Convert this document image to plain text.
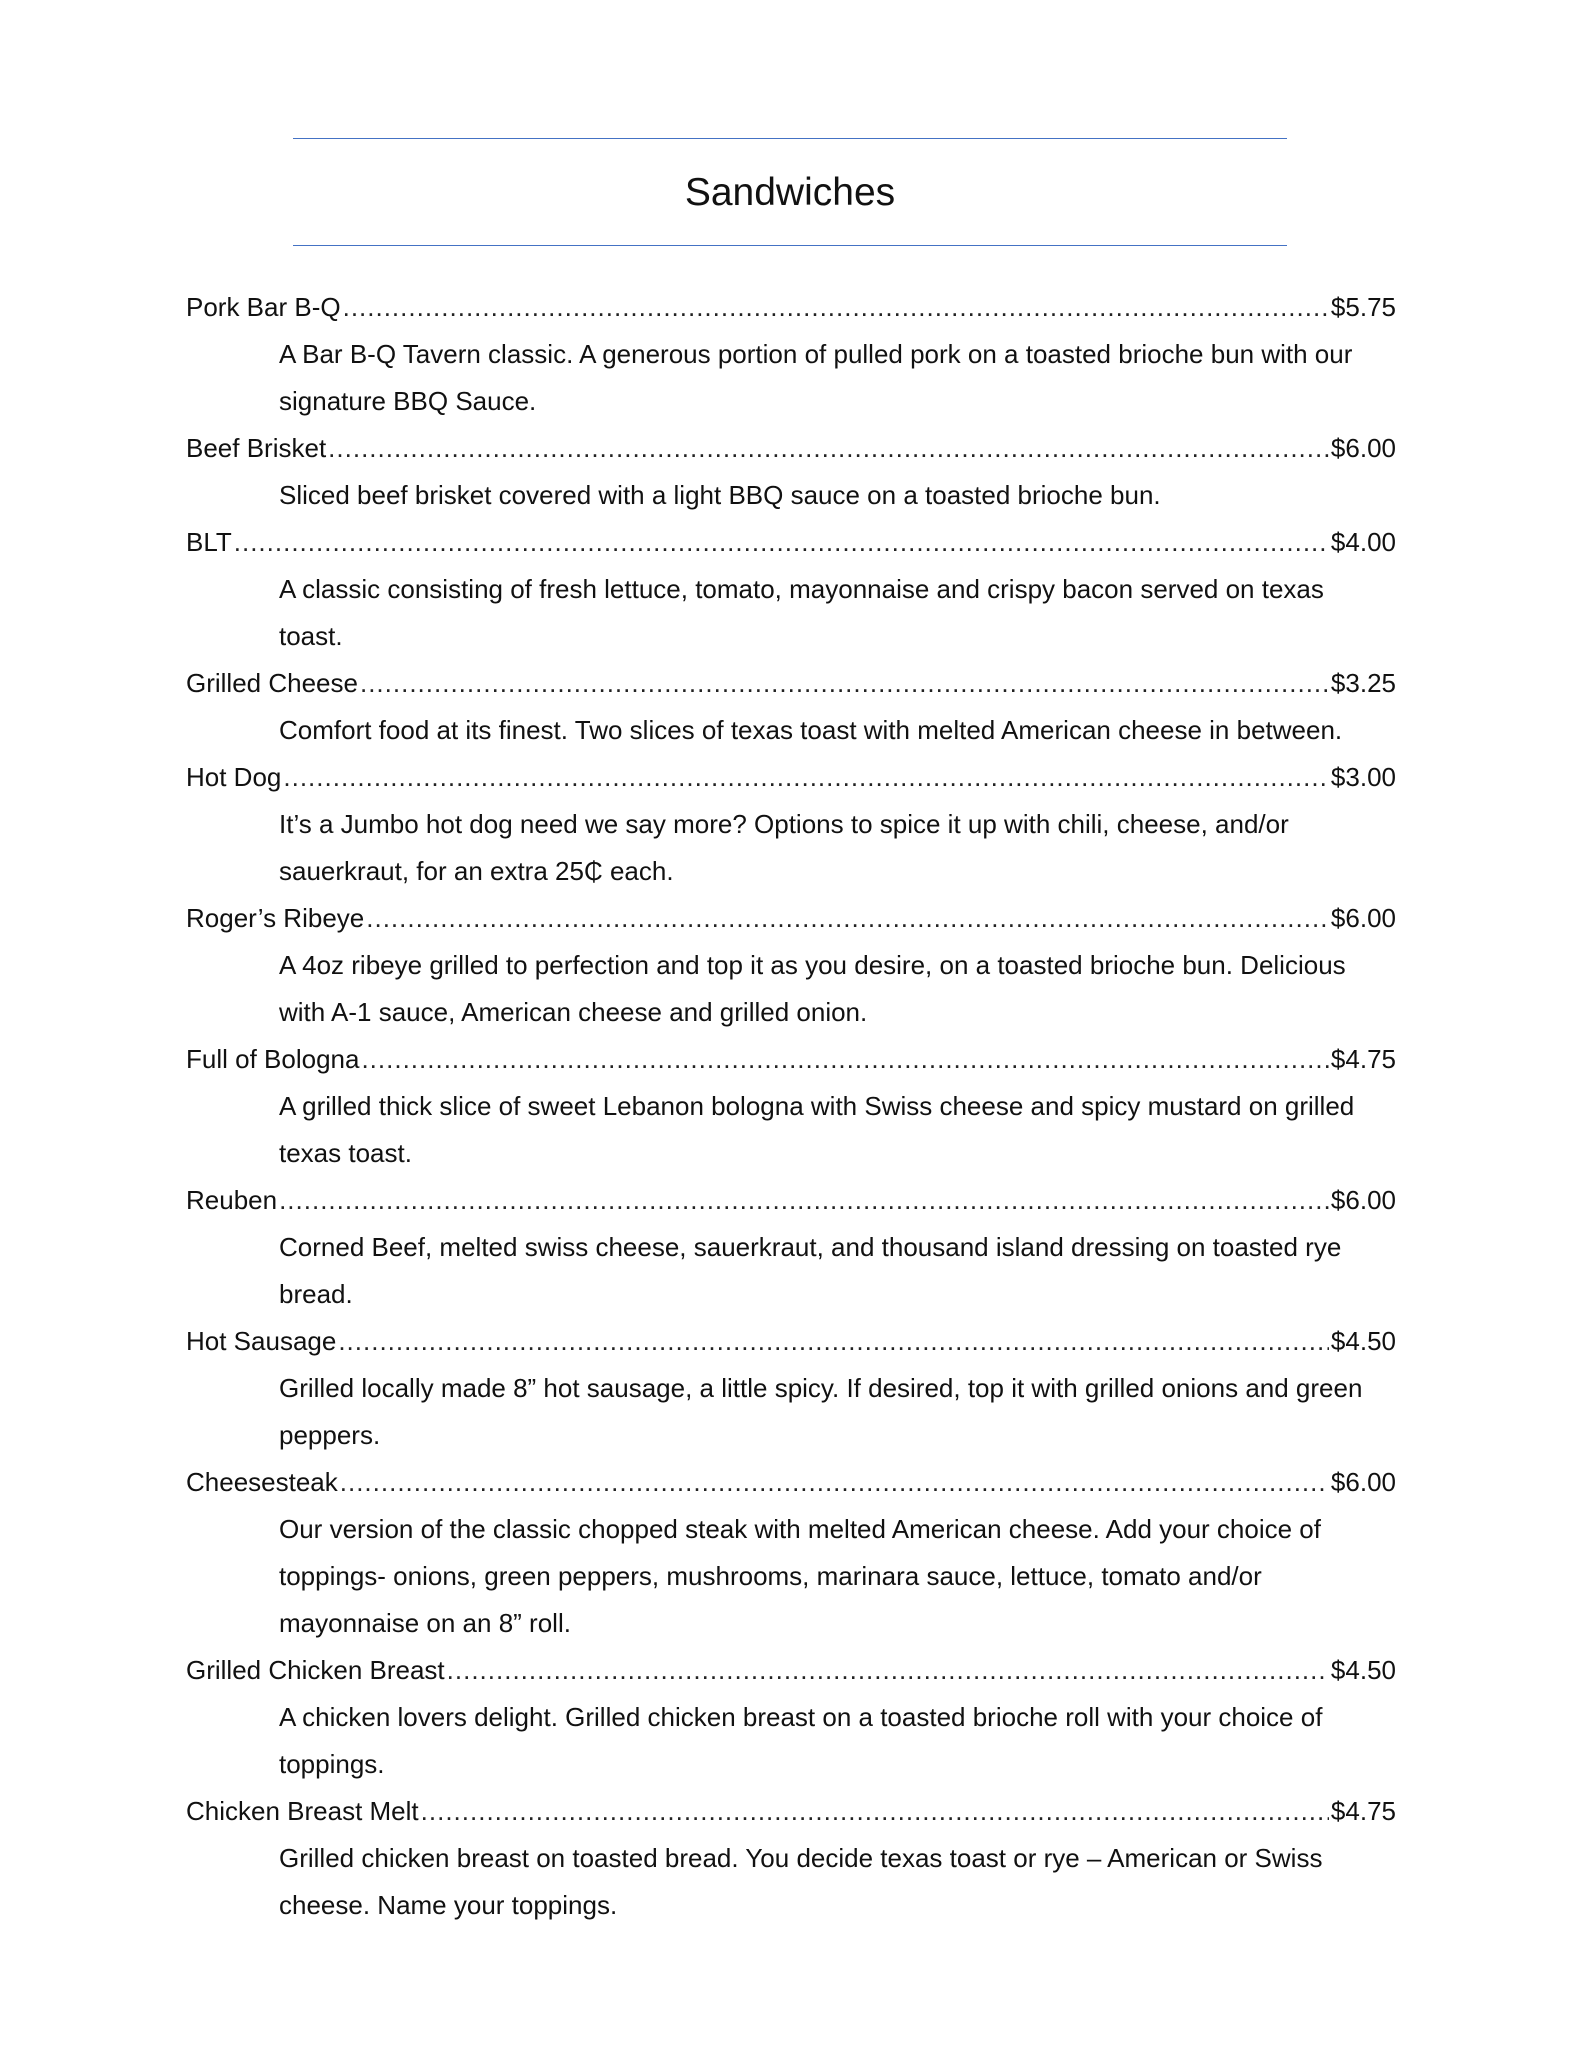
Sandwiches
Pork Bar B-Q .....	$5.75
A Bar B-Q Tavern classic. A generous portion of pulled pork on a toasted brioche bun with our signature BBQ Sauce.
Beef Brisket .....	$6.00
Sliced beef brisket covered with a light BBQ sauce on a toasted brioche bun.
BLT .....	$4.00
A classic consisting of fresh lettuce, tomato, mayonnaise and crispy bacon served on texas toast.
Grilled Cheese .....	$3.25
Comfort food at its finest. Two slices of texas toast with melted American cheese in between.
Hot Dog .....	$3.00
It’s a Jumbo hot dog need we say more? Options to spice it up with chili, cheese, and/or sauerkraut, for an extra 25₵ each.
Roger’s Ribeye .....	$6.00
A 4oz ribeye grilled to perfection and top it as you desire, on a toasted brioche bun. Delicious with A-1 sauce, American cheese and grilled onion.
Full of Bologna .....	$4.75
A grilled thick slice of sweet Lebanon bologna with Swiss cheese and spicy mustard on grilled texas toast.
Reuben .....	$6.00
Corned Beef, melted swiss cheese, sauerkraut, and thousand island dressing on toasted rye bread.
Hot Sausage .....	$4.50
Grilled locally made 8” hot sausage, a little spicy. If desired, top it with grilled onions and green peppers.
Cheesesteak .....	$6.00
Our version of the classic chopped steak with melted American cheese. Add your choice of toppings- onions, green peppers, mushrooms, marinara sauce, lettuce, tomato and/or mayonnaise on an 8” roll.
Grilled Chicken Breast .....	$4.50
A chicken lovers delight. Grilled chicken breast on a toasted brioche roll with your choice of toppings.
Chicken Breast Melt .....	$4.75
Grilled chicken breast on toasted bread. You decide texas toast or rye – American or Swiss cheese. Name your toppings.
